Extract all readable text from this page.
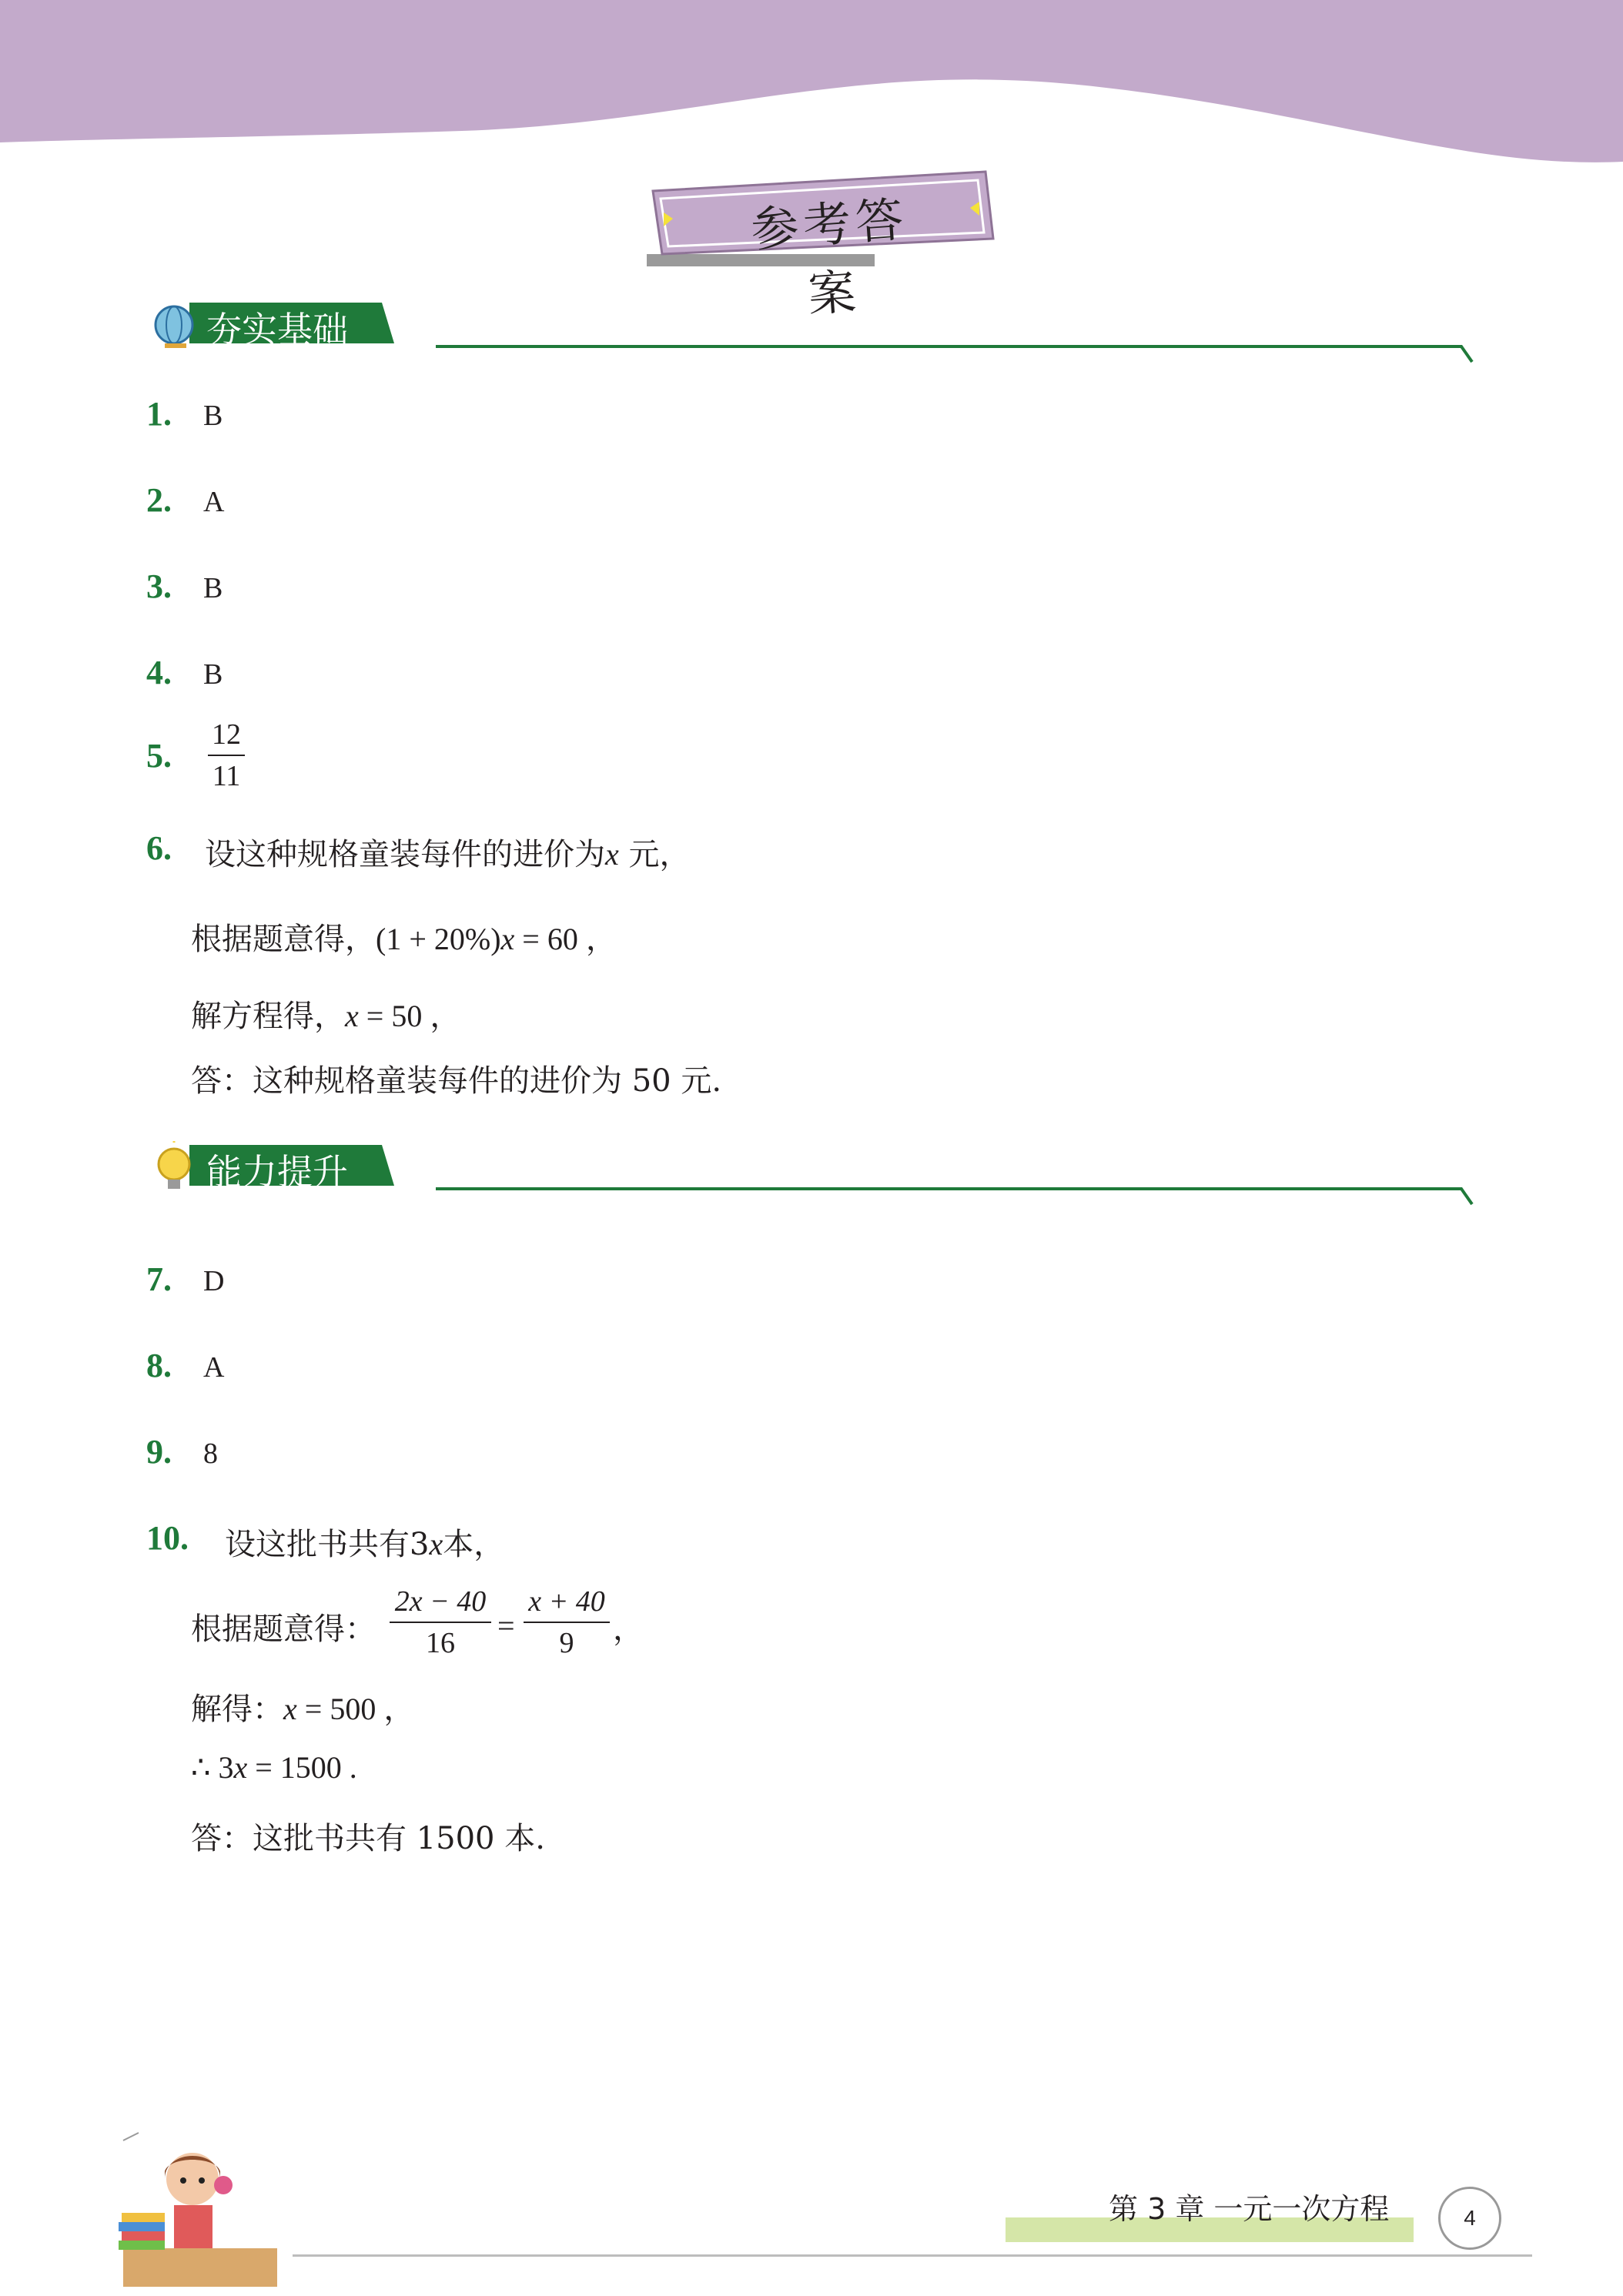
参考答案
夯实基础
1. B
2. A
3. B
4. B
5.
12
11
6. 设这种规格童装每件的进价为x 元，
根据题意得，(1 + 20%)x = 60 ，
解方程得，x = 50 ，
答：这种规格童装每件的进价为 50 元.
能力提升
7. D
8. A
9. 8
10. 设这批书共有3x本，
根据题意得：
2x − 40
16	=
x + 40
9	，
解得：x = 500 ，
∴ 3x = 1500 .
答：这批书共有 1500 本.
第 3 章 一元一次方程	4
